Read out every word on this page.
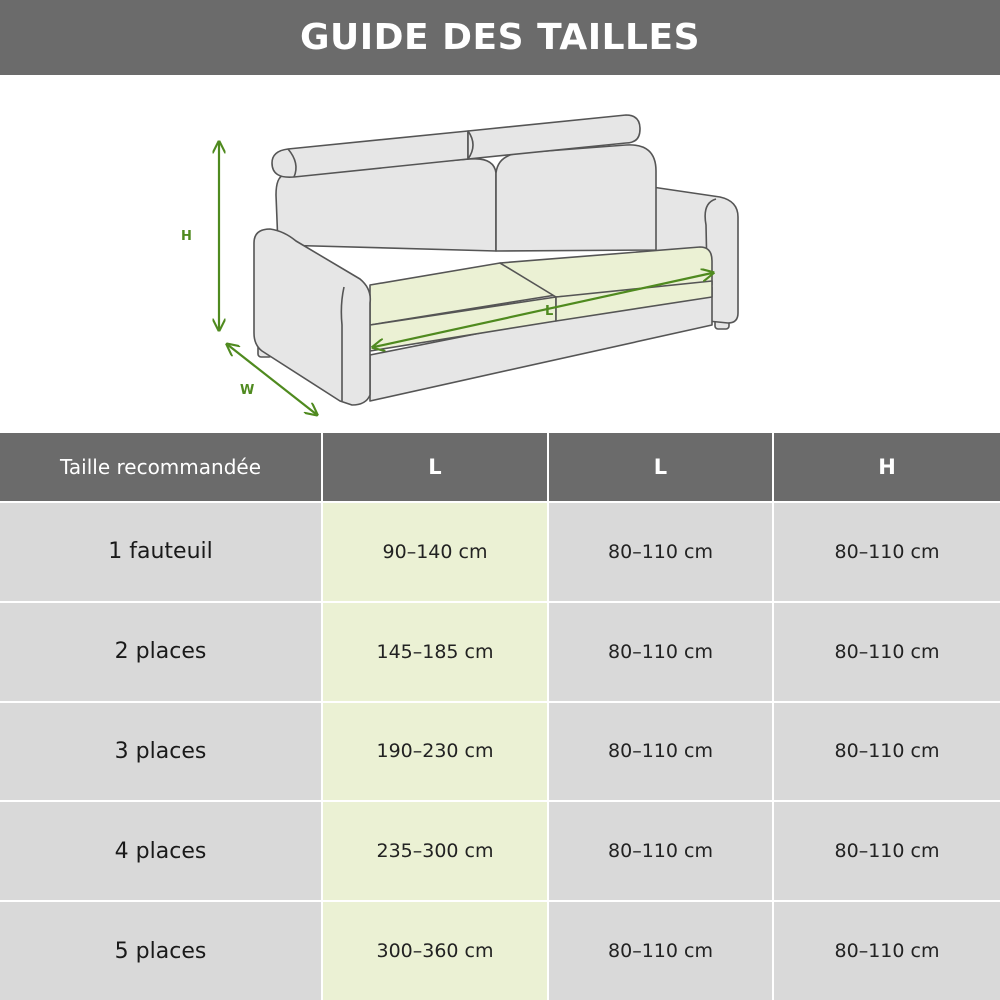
GUIDE DES TAILLES
H
W
L
Taille recommandée	L	L	H
1 fauteuil	90–140 cm	80–110 cm	80–110 cm
2 places	145–185 cm	80–110 cm	80–110 cm
3 places	190–230 cm	80–110 cm	80–110 cm
4 places	235–300 cm	80–110 cm	80–110 cm
5 places	300–360 cm	80–110 cm	80–110 cm
